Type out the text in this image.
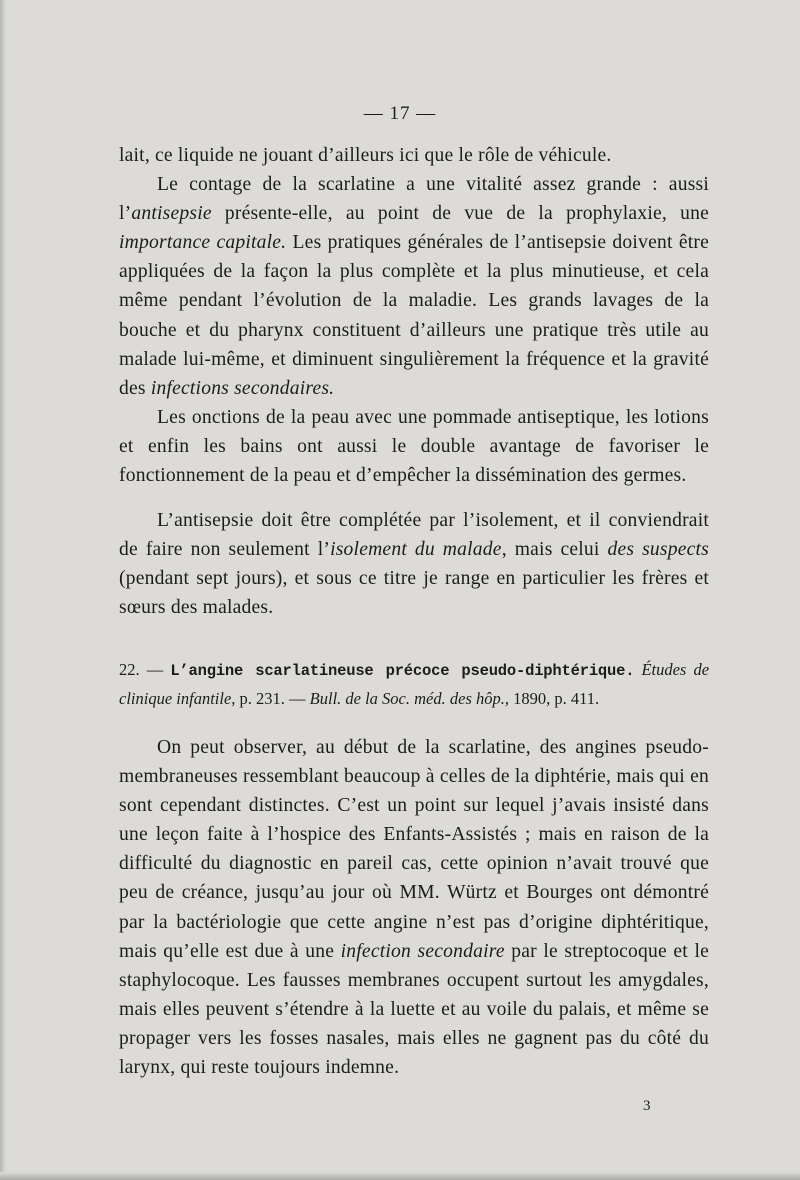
— 17 —

lait, ce liquide ne jouant d’ailleurs ici que le rôle de véhicule.

Le contage de la scarlatine a une vitalité assez grande : aussi l’antisepsie présente-elle, au point de vue de la prophylaxie, une importance capitale. Les pratiques générales de l’antisepsie doivent être appliquées de la façon la plus complète et la plus minutieuse, et cela même pendant l’évolution de la maladie. Les grands lavages de la bouche et du pharynx constituent d’ailleurs une pratique très utile au malade lui-même, et diminuent singulièrement la fréquence et la gravité des infections secondaires.

Les onctions de la peau avec une pommade antiseptique, les lotions et enfin les bains ont aussi le double avantage de favoriser le fonctionnement de la peau et d’empêcher la dissémination des germes.

L’antisepsie doit être complétée par l’isolement, et il conviendrait de faire non seulement l’isolement du malade, mais celui des suspects (pendant sept jours), et sous ce titre je range en particulier les frères et sœurs des malades.

22. — L’angine scarlatineuse précoce pseudo-diphtérique. Études de clinique infantile, p. 231. — Bull. de la Soc. méd. des hôp., 1890, p. 411.

On peut observer, au début de la scarlatine, des angines pseudo-membraneuses ressemblant beaucoup à celles de la diphtérie, mais qui en sont cependant distinctes. C’est un point sur lequel j’avais insisté dans une leçon faite à l’hospice des Enfants-Assistés ; mais en raison de la difficulté du diagnostic en pareil cas, cette opinion n’avait trouvé que peu de créance, jusqu’au jour où MM. Würtz et Bourges ont démontré par la bactériologie que cette angine n’est pas d’origine diphtéritique, mais qu’elle est due à une infection secondaire par le streptocoque et le staphylocoque. Les fausses membranes occupent surtout les amygdales, mais elles peuvent s’étendre à la luette et au voile du palais, et même se propager vers les fosses nasales, mais elles ne gagnent pas du côté du larynx, qui reste toujours indemne.

3
